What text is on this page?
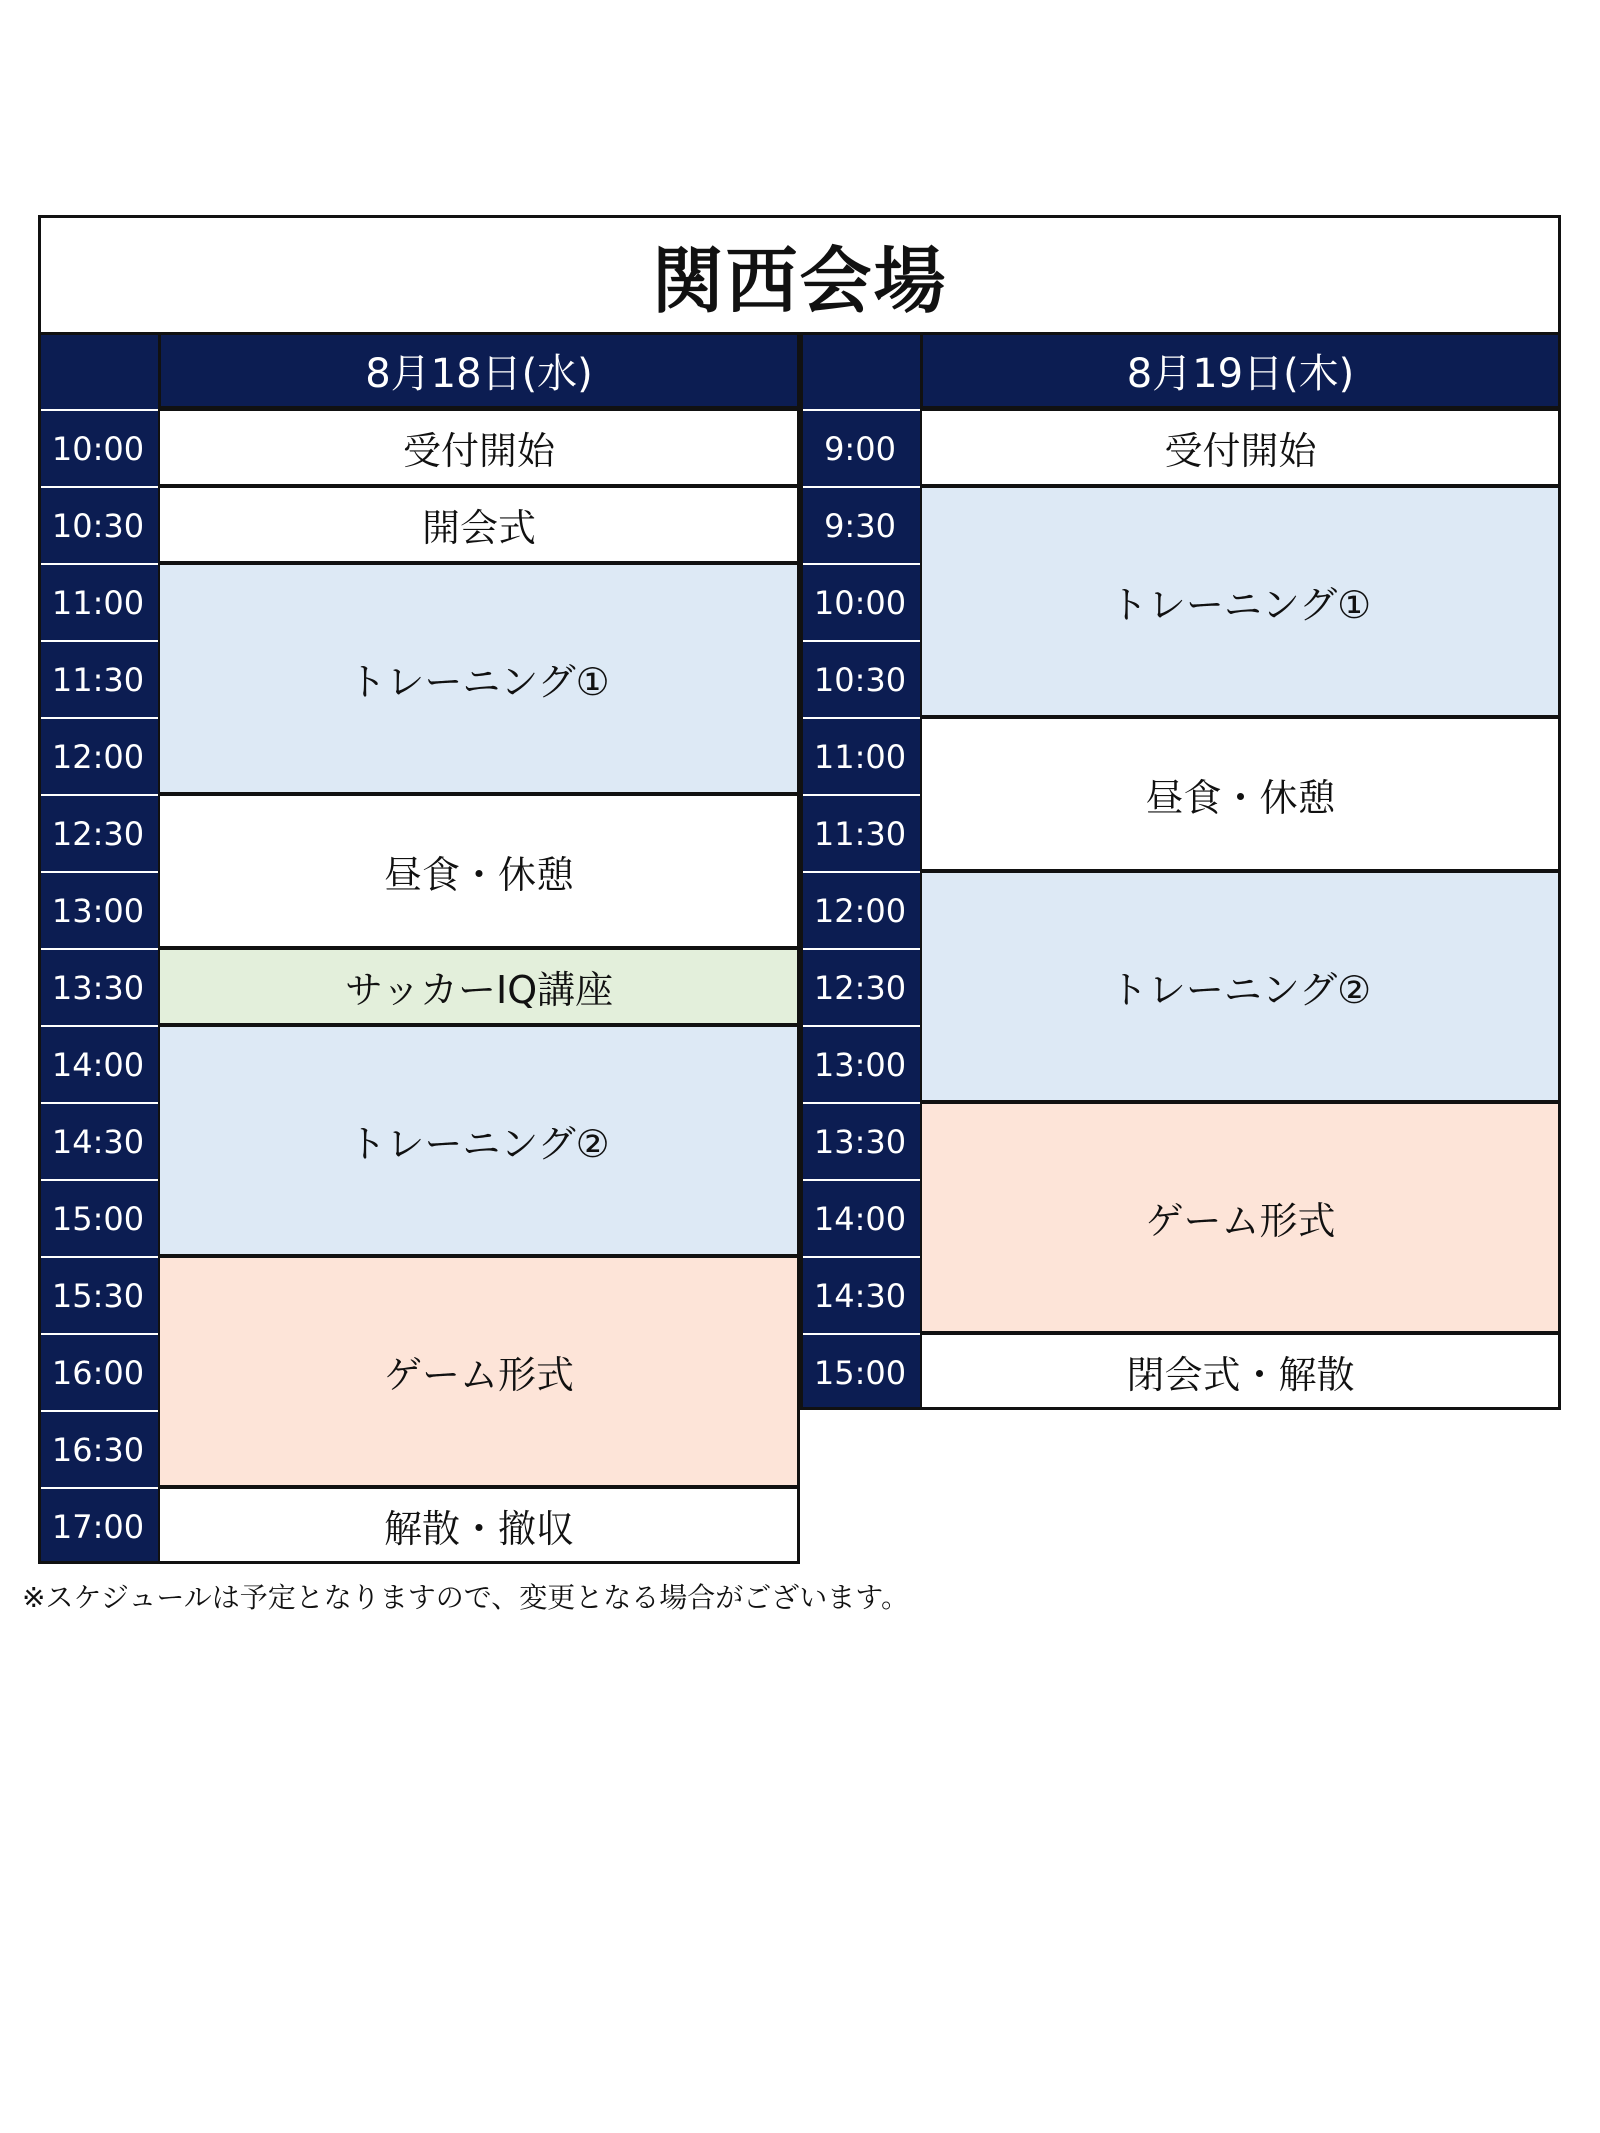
関西会場
8月18日(水)
10:00
10:30
11:00
11:30
12:00
12:30
13:00
13:30
14:00
14:30
15:00
15:30
16:00
16:30
17:00
受付開始
開会式
トレーニング①
昼食・休憩
サッカーIQ講座
トレーニング②
ゲーム形式
解散・撤収
8月19日(木)
9:00
9:30
10:00
10:30
11:00
11:30
12:00
12:30
13:00
13:30
14:00
14:30
15:00
受付開始
トレーニング①
昼食・休憩
トレーニング②
ゲーム形式
閉会式・解散
※スケジュールは予定となりますので、変更となる場合がございます。
